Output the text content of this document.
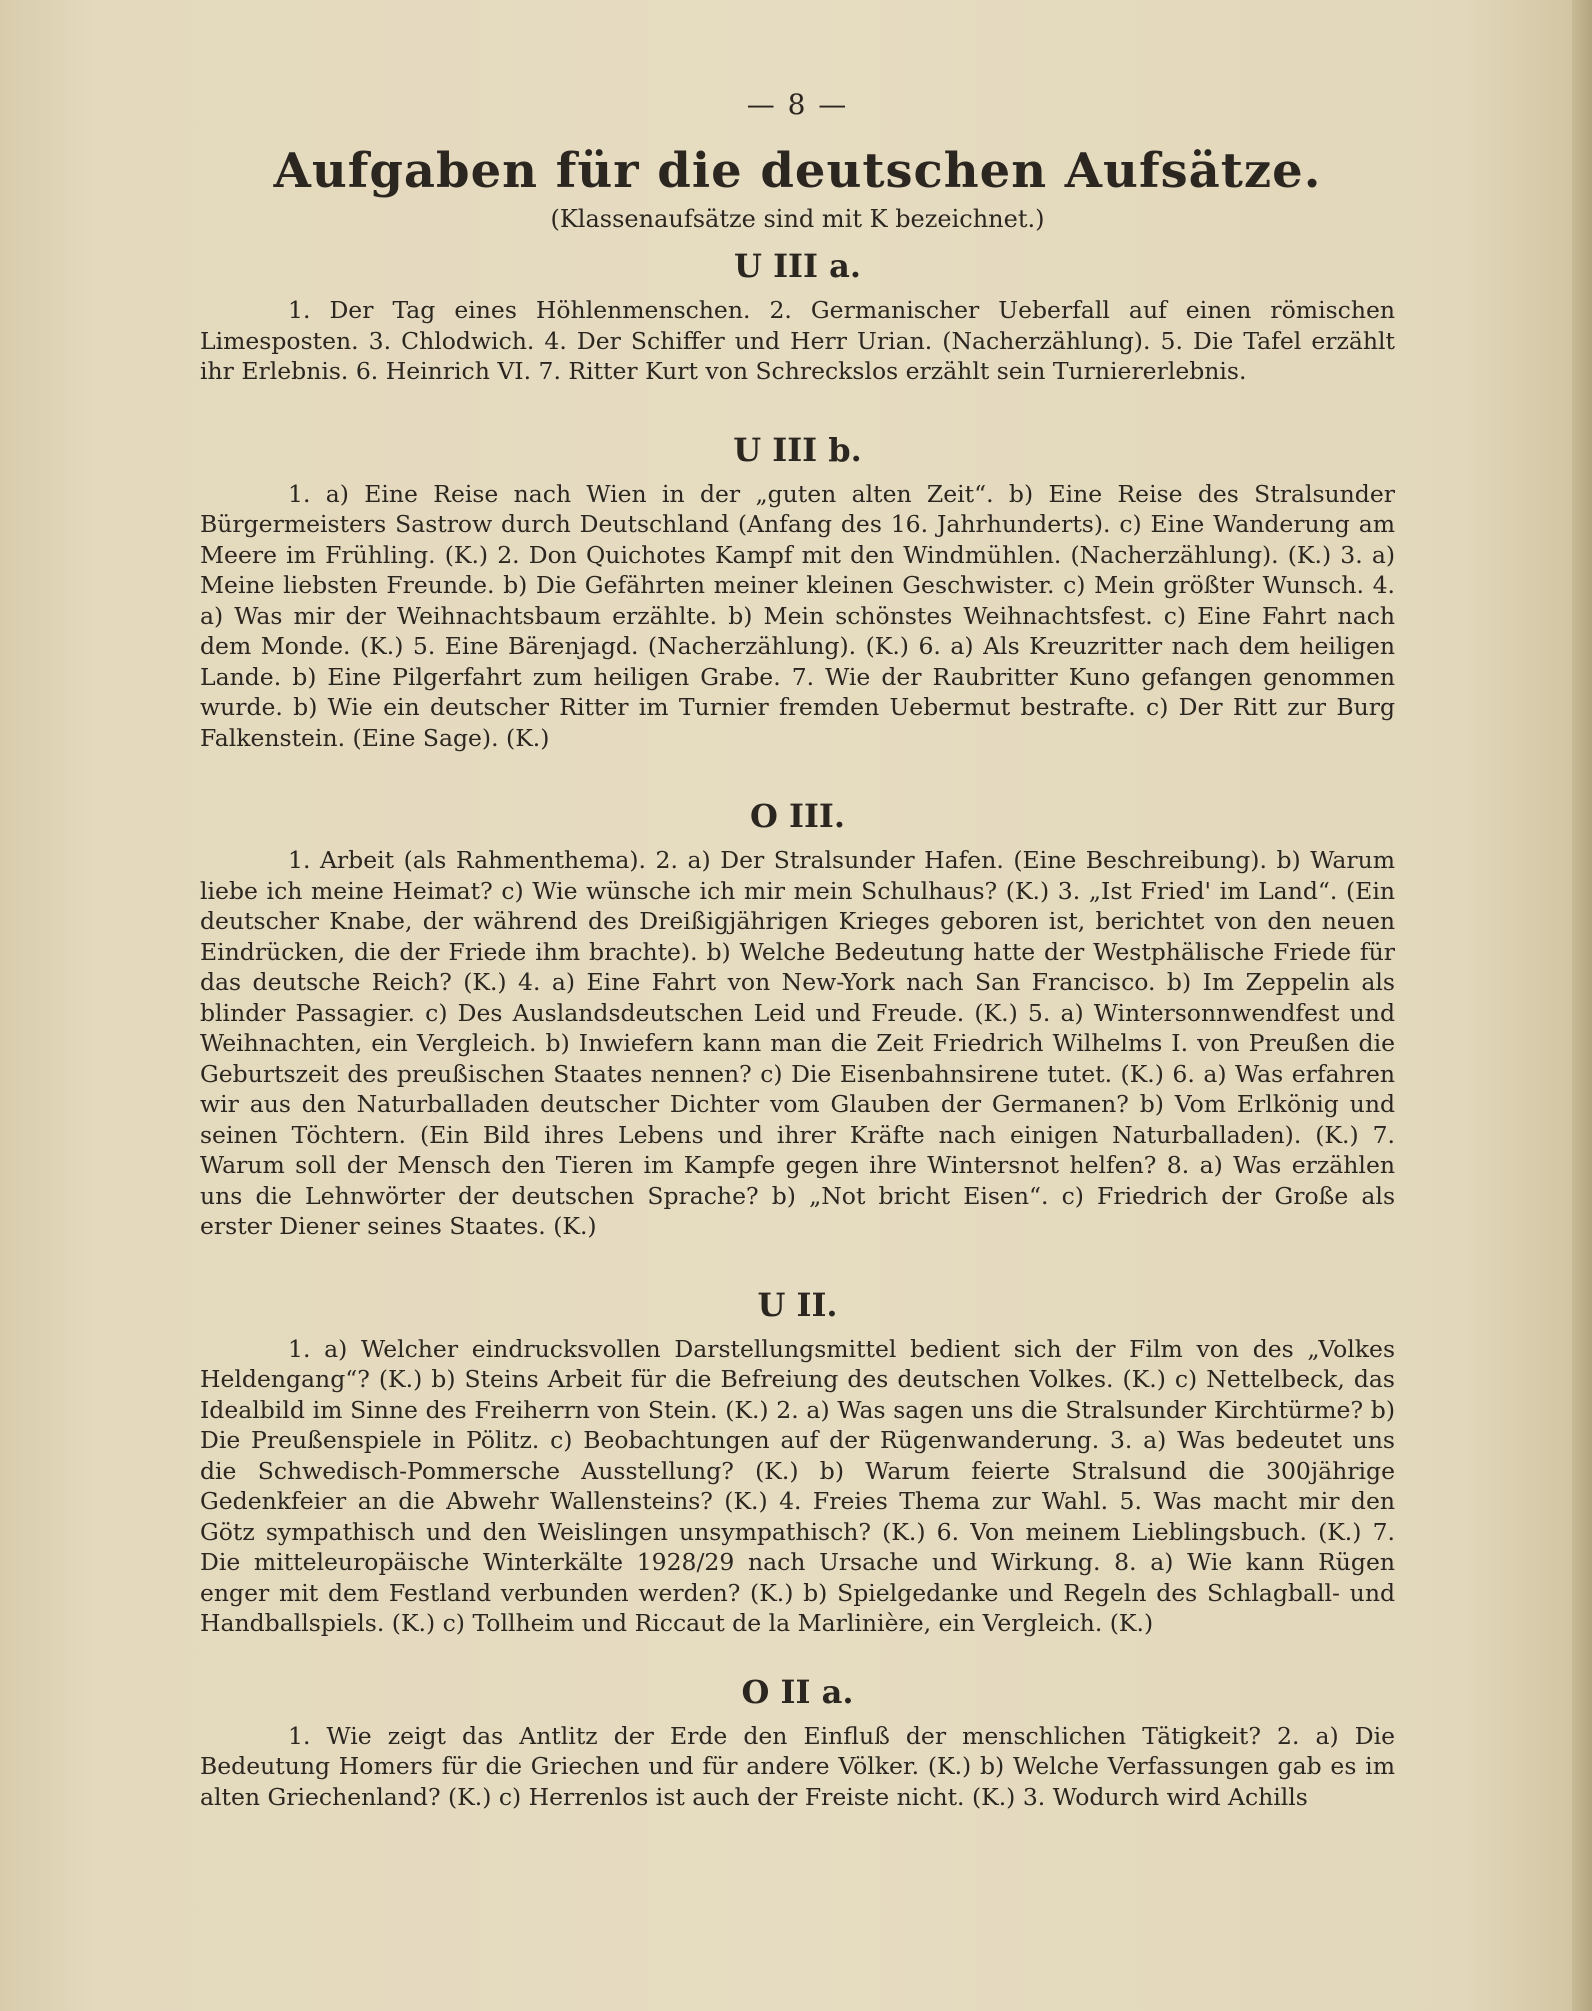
— 8 —
Aufgaben für die deutschen Aufsätze.
(Klassenaufsätze sind mit K bezeichnet.)
U III a.

1. Der Tag eines Höhlenmenschen. 2. Germanischer Ueberfall auf einen römischen Limesposten. 3. Chlodwich. 4. Der Schiffer und Herr Urian. (Nacherzählung). 5. Die Tafel erzählt ihr Erlebnis. 6. Heinrich VI. 7. Ritter Kurt von Schreckslos erzählt sein Turniererlebnis.

U III b.

1. a) Eine Reise nach Wien in der „guten alten Zeit“. b) Eine Reise des Stralsunder Bürgermeisters Sastrow durch Deutschland (Anfang des 16. Jahrhunderts). c) Eine Wanderung am Meere im Frühling. (K.) 2. Don Quichotes Kampf mit den Windmühlen. (Nacherzählung). (K.) 3. a) Meine liebsten Freunde. b) Die Gefährten meiner kleinen Geschwister. c) Mein größter Wunsch. 4. a) Was mir der Weihnachtsbaum erzählte. b) Mein schönstes Weihnachtsfest. c) Eine Fahrt nach dem Monde. (K.) 5. Eine Bärenjagd. (Nacherzählung). (K.) 6. a) Als Kreuzritter nach dem heiligen Lande. b) Eine Pilgerfahrt zum heiligen Grabe. 7. Wie der Raubritter Kuno gefangen genommen wurde. b) Wie ein deutscher Ritter im Turnier fremden Uebermut bestrafte. c) Der Ritt zur Burg Falkenstein. (Eine Sage). (K.)

O III.

1. Arbeit (als Rahmenthema). 2. a) Der Stralsunder Hafen. (Eine Beschreibung). b) Warum liebe ich meine Heimat? c) Wie wünsche ich mir mein Schulhaus? (K.) 3. „Ist Fried' im Land“. (Ein deutscher Knabe, der während des Dreißigjährigen Krieges geboren ist, berichtet von den neuen Eindrücken, die der Friede ihm brachte). b) Welche Bedeutung hatte der Westphälische Friede für das deutsche Reich? (K.) 4. a) Eine Fahrt von New-York nach San Francisco. b) Im Zeppelin als blinder Passagier. c) Des Auslandsdeutschen Leid und Freude. (K.) 5. a) Wintersonnwendfest und Weihnachten, ein Vergleich. b) Inwiefern kann man die Zeit Friedrich Wilhelms I. von Preußen die Geburtszeit des preußischen Staates nennen? c) Die Eisenbahnsirene tutet. (K.) 6. a) Was erfahren wir aus den Naturballaden deutscher Dichter vom Glauben der Germanen? b) Vom Erlkönig und seinen Töchtern. (Ein Bild ihres Lebens und ihrer Kräfte nach einigen Naturballaden). (K.) 7. Warum soll der Mensch den Tieren im Kampfe gegen ihre Wintersnot helfen? 8. a) Was erzählen uns die Lehnwörter der deutschen Sprache? b) „Not bricht Eisen“. c) Friedrich der Große als erster Diener seines Staates. (K.)

U II.

1. a) Welcher eindrucksvollen Darstellungsmittel bedient sich der Film von des „Volkes Heldengang“? (K.) b) Steins Arbeit für die Befreiung des deutschen Volkes. (K.) c) Nettelbeck, das Idealbild im Sinne des Freiherrn von Stein. (K.) 2. a) Was sagen uns die Stralsunder Kirchtürme? b) Die Preußenspiele in Pölitz. c) Beobachtungen auf der Rügenwanderung. 3. a) Was bedeutet uns die Schwedisch-Pommersche Ausstellung? (K.) b) Warum feierte Stralsund die 300jährige Gedenkfeier an die Abwehr Wallensteins? (K.) 4. Freies Thema zur Wahl. 5. Was macht mir den Götz sympathisch und den Weislingen unsympathisch? (K.) 6. Von meinem Lieblingsbuch. (K.) 7. Die mitteleuropäische Winterkälte 1928/29 nach Ursache und Wirkung. 8. a) Wie kann Rügen enger mit dem Festland verbunden werden? (K.) b) Spielgedanke und Regeln des Schlagball- und Handballspiels. (K.) c) Tollheim und Riccaut de la Marlinière, ein Vergleich. (K.)

O II a.

1. Wie zeigt das Antlitz der Erde den Einfluß der menschlichen Tätigkeit? 2. a) Die Bedeutung Homers für die Griechen und für andere Völker. (K.) b) Welche Verfassungen gab es im alten Griechenland? (K.) c) Herrenlos ist auch der Freiste nicht. (K.) 3. Wodurch wird Achills
